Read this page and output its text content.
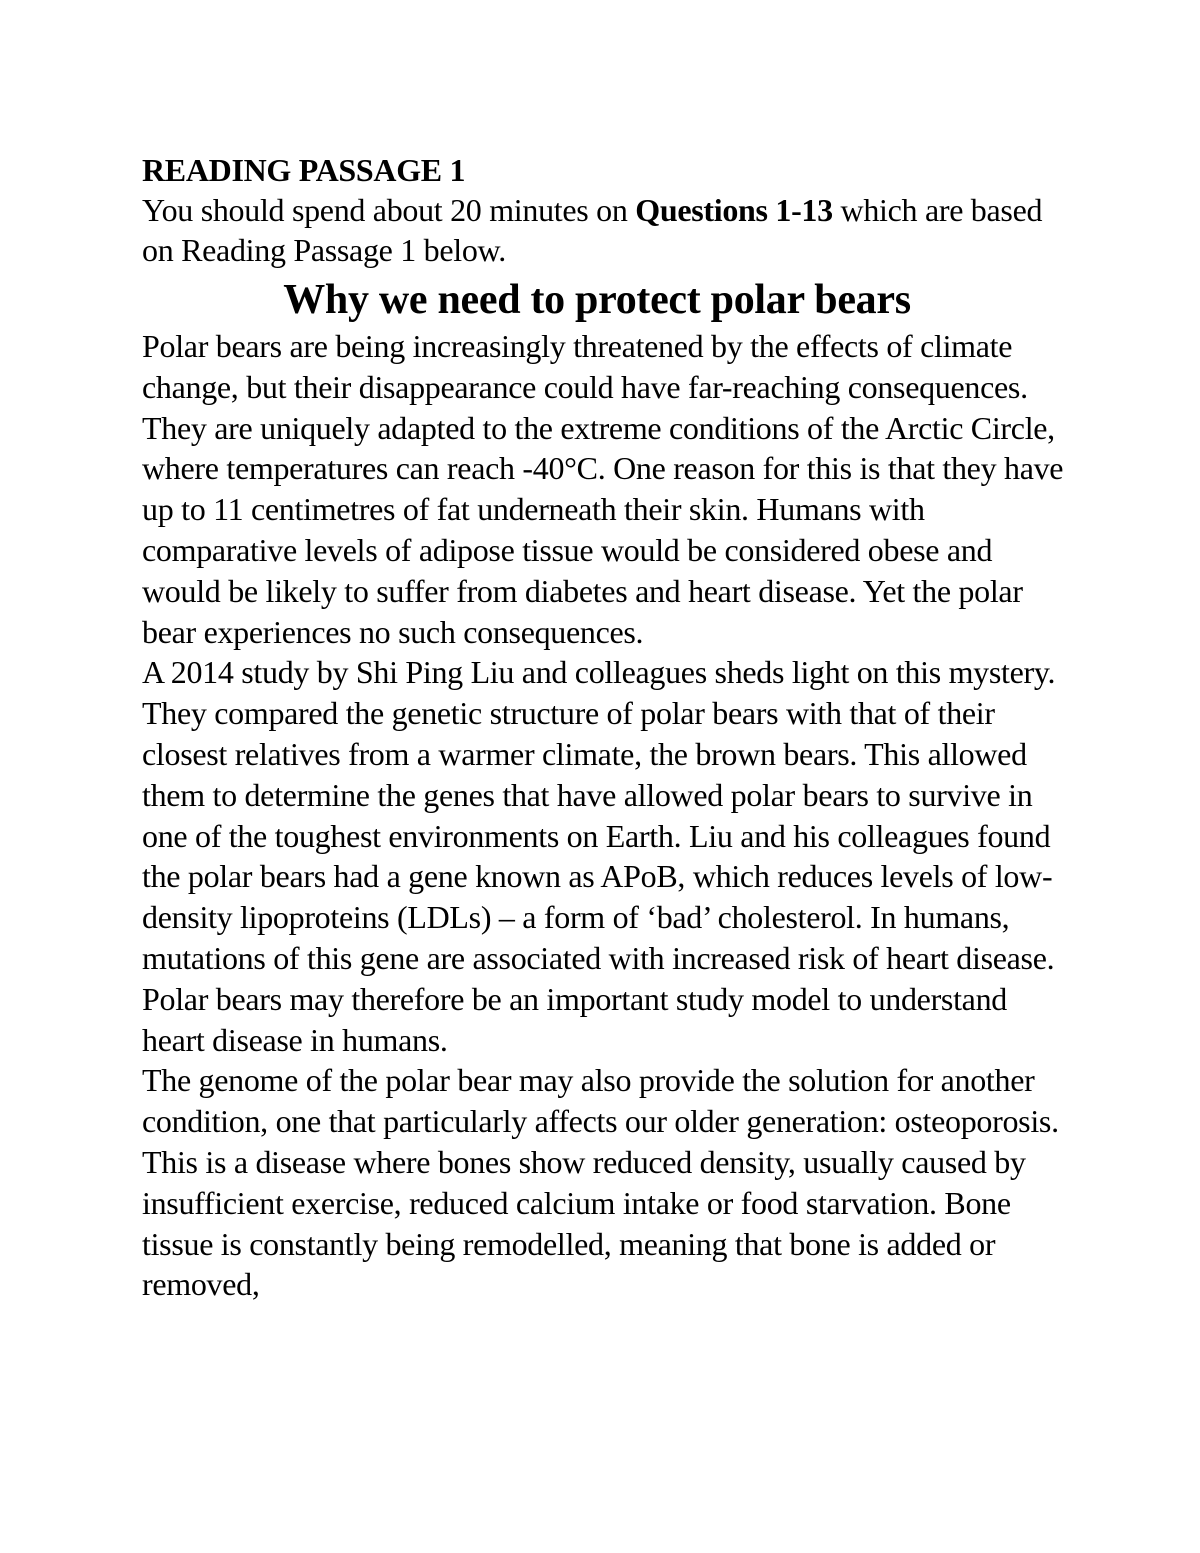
READING PASSAGE 1

You should spend about 20 minutes on Questions 1-13 which are based on Reading Passage 1 below.

Why we need to protect polar bears

Polar bears are being increasingly threatened by the effects of climate change, but their disappearance could have far-reaching consequences. They are uniquely adapted to the extreme conditions of the Arctic Circle, where temperatures can reach -40°C. One reason for this is that they have up to 11 centimetres of fat underneath their skin. Humans with comparative levels of adipose tissue would be considered obese and would be likely to suffer from diabetes and heart disease. Yet the polar bear experiences no such consequences.

A 2014 study by Shi Ping Liu and colleagues sheds light on this mystery. They compared the genetic structure of polar bears with that of their closest relatives from a warmer climate, the brown bears. This allowed them to determine the genes that have allowed polar bears to survive in one of the toughest environments on Earth. Liu and his colleagues found the polar bears had a gene known as APoB, which reduces levels of low-density lipoproteins (LDLs) – a form of ‘bad’ cholesterol. In humans, mutations of this gene are associated with increased risk of heart disease. Polar bears may therefore be an important study model to understand heart disease in humans.

The genome of the polar bear may also provide the solution for another condition, one that particularly affects our older generation: osteoporosis. This is a disease where bones show reduced density, usually caused by insufficient exercise, reduced calcium intake or food starvation. Bone tissue is constantly being remodelled, meaning that bone is added or removed,
